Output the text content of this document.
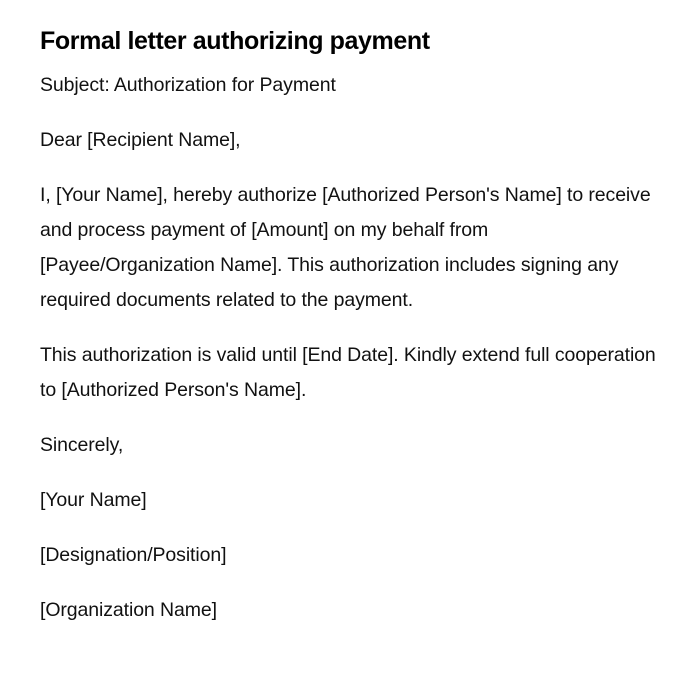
Formal letter authorizing payment

Subject: Authorization for Payment

Dear [Recipient Name],

I, [Your Name], hereby authorize [Authorized Person's Name] to receive and process payment of [Amount] on my behalf from [Payee/Organization Name]. This authorization includes signing any required documents related to the payment.

This authorization is valid until [End Date]. Kindly extend full cooperation to [Authorized Person's Name].

Sincerely,

[Your Name]

[Designation/Position]

[Organization Name]
